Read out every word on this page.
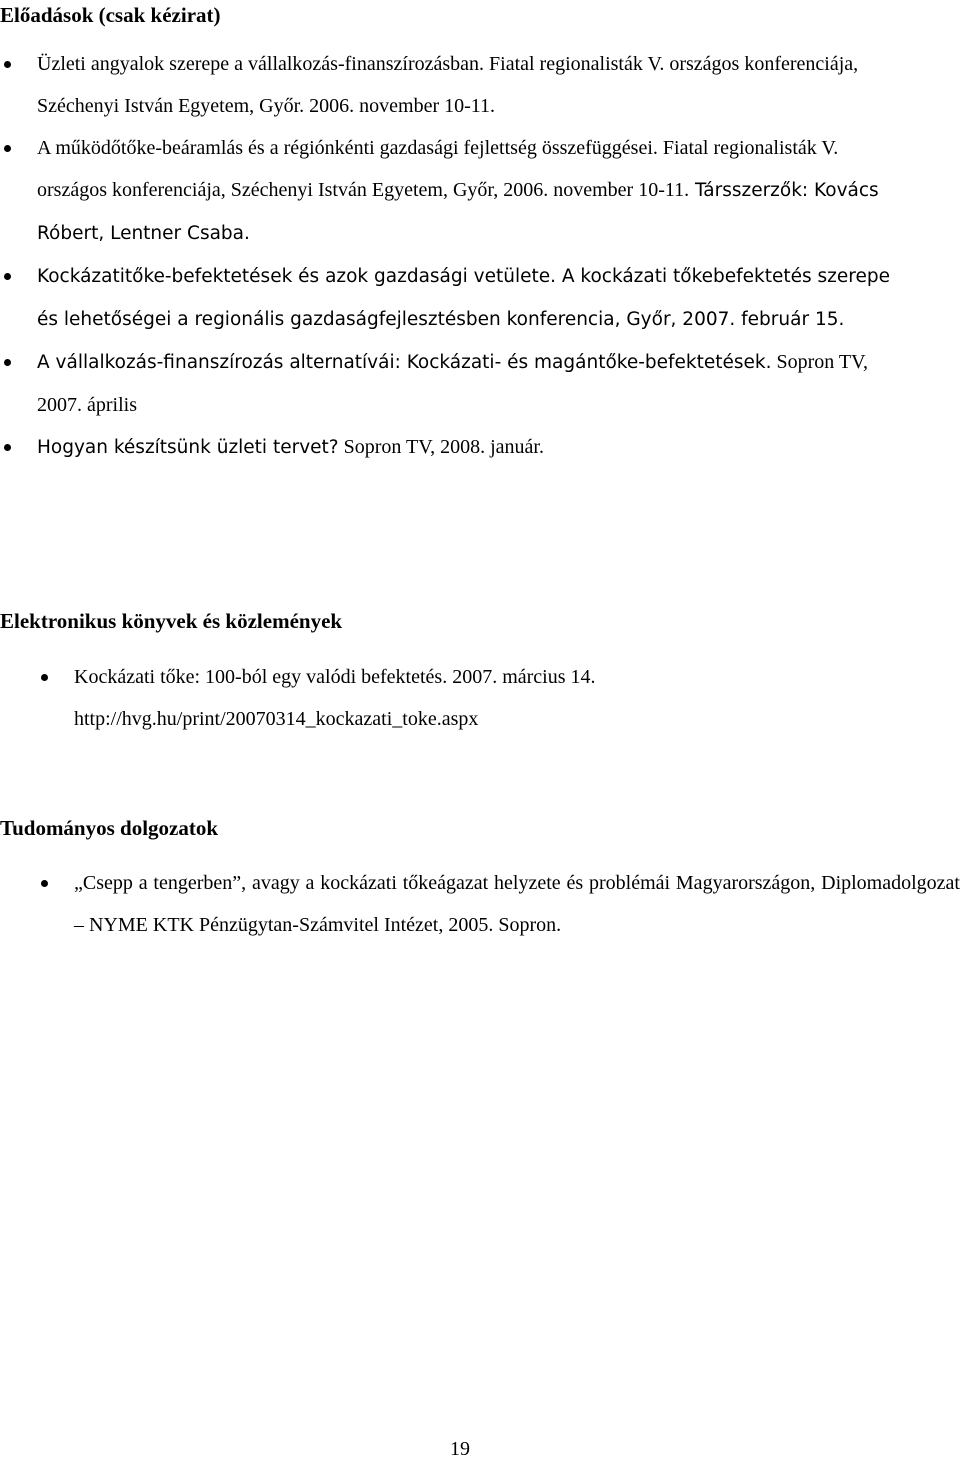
Előadások (csak kézirat)
Üzleti angyalok szerepe a vállalkozás-finanszírozásban. Fiatal regionalisták V. országos konferenciája, Széchenyi István Egyetem, Győr. 2006. november 10-11.
A működőtőke-beáramlás és a régiónkénti gazdasági fejlettség összefüggései. Fiatal regionalisták V. országos konferenciája, Széchenyi István Egyetem, Győr, 2006. november 10-11. Társszerzők: Kovács Róbert, Lentner Csaba.
Kockázatitőke-befektetések és azok gazdasági vetülete. A kockázati tőkebefektetés szerepe és lehetőségei a regionális gazdaságfejlesztésben konferencia, Győr, 2007. február 15.
A vállalkozás-finanszírozás alternatívái: Kockázati- és magántőke-befektetések. Sopron TV, 2007. április
Hogyan készítsünk üzleti tervet? Sopron TV, 2008. január.
Elektronikus könyvek és közlemények
Kockázati tőke: 100-ból egy valódi befektetés. 2007. március 14. http://hvg.hu/print/20070314_kockazati_toke.aspx
Tudományos dolgozatok
„Csepp a tengerben”, avagy a kockázati tőkeágazat helyzete és problémái Magyarországon, Diplomadolgozat – NYME KTK Pénzügytan-Számvitel Intézet, 2005. Sopron.
19
